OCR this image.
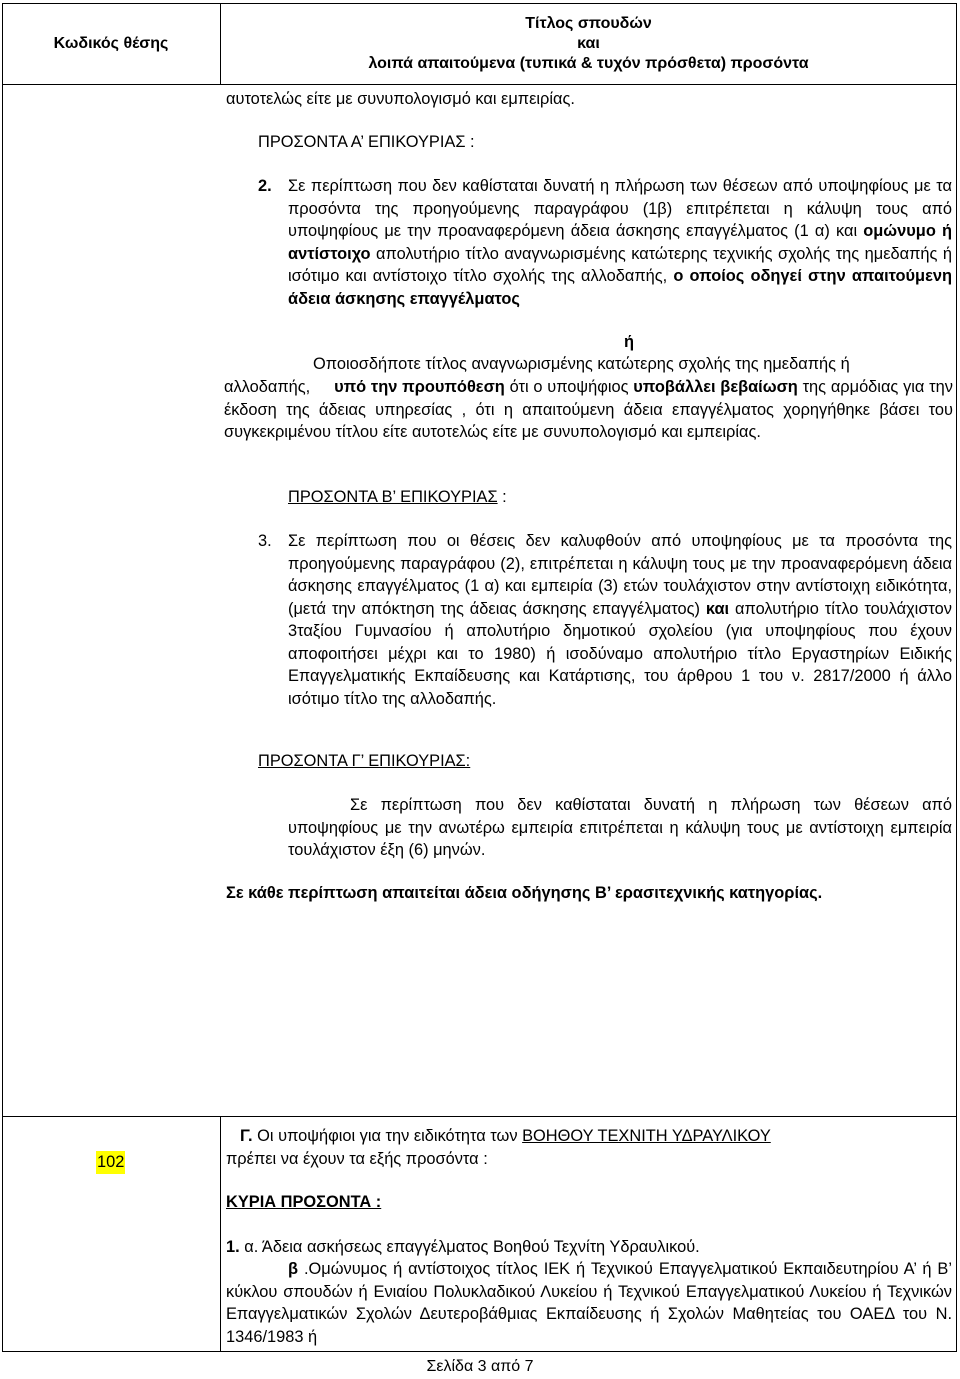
Κωδικός θέσης
Τίτλος σπουδών
και
λοιπά απαιτούμενα (τυπικά & τυχόν πρόσθετα) προσόντα
αυτοτελώς είτε με συνυπολογισμό και εμπειρίας.
ΠΡΟΣΟΝΤΑ Α’ ΕΠΙΚΟΥΡΙΑΣ :
2. Σε περίπτωση που δεν καθίσταται δυνατή η πλήρωση των θέσεων από υποψηφίους με τα προσόντα της προηγούμενης παραγράφου (1β) επιτρέπεται η κάλυψη τους από υποψηφίους με την προαναφερόμενη άδεια άσκησης επαγγέλματος (1 α) και ομώνυμο ή αντίστοιχο απολυτήριο τίτλο αναγνωρισμένης κατώτερης τεχνικής σχολής της ημεδαπής ή ισότιμο και αντίστοιχο τίτλο σχολής της αλλοδαπής, ο οποίος οδηγεί στην απαιτούμενη άδεια άσκησης επαγγέλματος
ή
Οποιοσδήποτε τίτλος αναγνωρισμένης κατώτερης σχολής της ημεδαπής ή
αλλοδαπής,     υπό την προυπόθεση ότι ο υποψήφιος υποβάλλει βεβαίωση της αρμόδιας για την έκδοση της άδειας υπηρεσίας , ότι η απαιτούμενη άδεια επαγγέλματος χορηγήθηκε βάσει του συγκεκριμένου τίτλου είτε αυτοτελώς είτε με συνυπολογισμό και εμπειρίας.
ΠΡΟΣΟΝΤΑ Β’ ΕΠΙΚΟΥΡΙΑΣ :
3. Σε περίπτωση που οι θέσεις δεν καλυφθούν από υποψηφίους με τα προσόντα της προηγούμενης παραγράφου (2), επιτρέπεται η κάλυψη τους με την προαναφερόμενη άδεια άσκησης επαγγέλματος (1 α) και εμπειρία (3) ετών τουλάχιστον στην αντίστοιχη ειδικότητα, (μετά την απόκτηση της άδειας άσκησης επαγγέλματος) και απολυτήριο τίτλο τουλάχιστον 3ταξίου Γυμνασίου ή απολυτήριο δημοτικού σχολείου (για υποψηφίους που έχουν αποφοιτήσει μέχρι και το 1980) ή ισοδύναμο απολυτήριο τίτλο Εργαστηρίων Ειδικής Επαγγελματικής Εκπαίδευσης και Κατάρτισης, του άρθρου 1 του ν. 2817/2000 ή άλλο ισότιμο τίτλο της αλλοδαπής.
ΠΡΟΣΟΝΤΑ Γ’ ΕΠΙΚΟΥΡΙΑΣ:
Σε περίπτωση που δεν καθίσταται δυνατή η πλήρωση των θέσεων από υποψηφίους με την ανωτέρω εμπειρία επιτρέπεται η κάλυψη τους με αντίστοιχη εμπειρία τουλάχιστον έξη (6) μηνών.
Σε κάθε περίπτωση απαιτείται άδεια οδήγησης Β’ ερασιτεχνικής κατηγορίας.
102
Γ. Οι υποψήφιοι για την ειδικότητα των ΒΟΗΘΟΥ ΤΕΧΝΙΤΗ ΥΔΡΑΥΛΙΚΟΥ
πρέπει να έχουν τα εξής προσόντα :
ΚΥΡΙΑ ΠΡΟΣΟΝΤΑ :
1. α. Άδεια ασκήσεως επαγγέλματος Βοηθού Τεχνίτη Υδραυλικού.
β .Ομώνυμος ή αντίστοιχος τίτλος ΙΕΚ ή Τεχνικού Επαγγελματικού Εκπαιδευτηρίου Α’ ή Β’ κύκλου σπουδών ή Ενιαίου Πολυκλαδικού Λυκείου ή Τεχνικού Επαγγελματικού Λυκείου ή Τεχνικών Επαγγελματικών Σχολών Δευτεροβάθμιας Εκπαίδευσης ή Σχολών Μαθητείας του ΟΑΕΔ του Ν. 1346/1983 ή
Σελίδα 3 από 7
